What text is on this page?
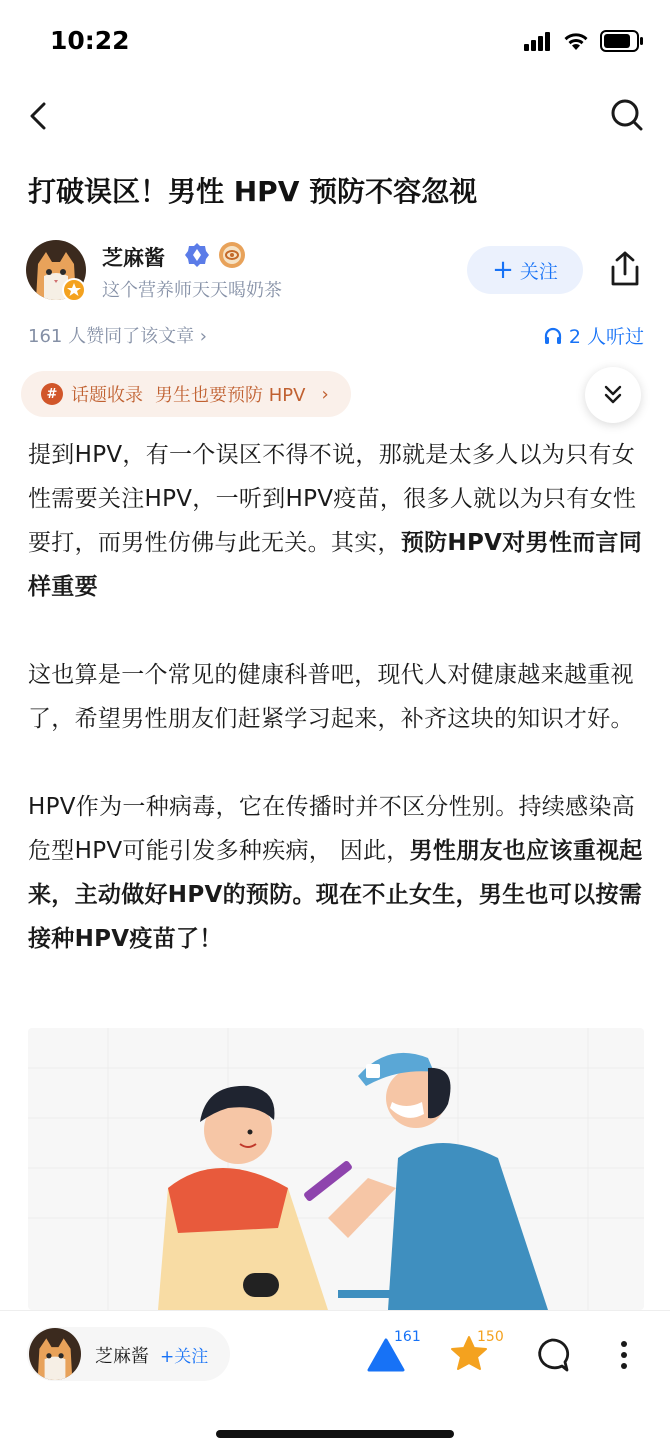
10:22
打破误区！男性 HPV 预防不容忽视
芝麻酱
这个营养师天天喝奶茶
+ 关注
161 人赞同了该文章 ›	2 人听过
# 话题收录 男生也要预防 HPV ›

提到HPV，有一个误区不得不说，那就是太多人以为只有女性需要关注HPV，一听到HPV疫苗，很多人就以为只有女性要打，而男性仿佛与此无关。其实，预防HPV对男性而言同样重要

这也算是一个常见的健康科普吧，现代人对健康越来越重视了，希望男性朋友们赶紧学习起来，补齐这块的知识才好。

HPV作为一种病毒，它在传播时并不区分性别。持续感染高危型HPV可能引发多种疾病， 因此，男性朋友也应该重视起来，主动做好HPV的预防。现在不止女生，男生也可以按需接种HPV疫苗了！

芝麻酱 +关注
161	150
